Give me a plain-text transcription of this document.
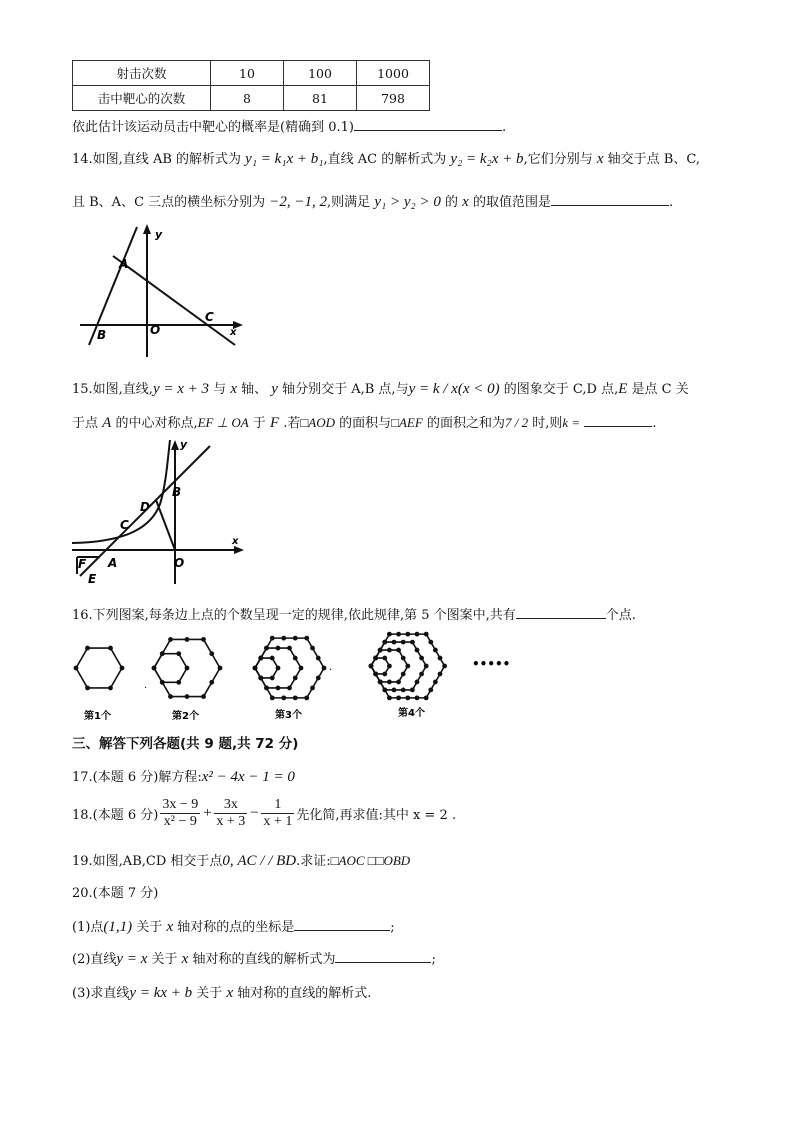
射击次数	10	100	1000
击中靶心的次数	8	81	798
依此估计该运动员击中靶心的概率是(精确到 0.1)	.
14.如图,直线 AB 的解析式为 y₁ = k₁x + b₁,直线 AC 的解析式为 y₂ = k₂x + b,它们分别与 x 轴交于点 B、C,
且 B、A、C 三点的横坐标分别为 −2, −1, 2,则满足 y₁ > y₂ > 0 的 x 的取值范围是	.
y
A
B	O
C
x
15.如图,直线,y = x + 3 与 x 轴、 y 轴分别交于 A,B 点,与y = k / x(x < 0) 的图象交于 C,D 点,E 是点 C 关
于点 A 的中心对称点,EF ⊥ OA 于 F .若□AOD 的面积与□AEF 的面积之和为7 / 2 时,则k =	.
y
B
D
C
F A	O
E
x
16.下列图案,每条边上点的个数呈现一定的规律,依此规律,第 5 个图案中,共有	个点.
第1个	第2个	第3个	第4个
•••••
.
.
三、解答下列各题(共 9 题,共 72 分)
17.(本题 6 分)解方程:x² − 4x − 1 = 0
18.(本题 6 分) $\frac{3x - 9}{\text{x² − 9}} + \frac{3x}{x + 3} - \frac{1}{x + 1}$ 先化简,再求值:其中 x = 2 .
19.如图,AB,CD 相交于点0, AC / / BD.求证:□AOC □□OBD
20.(本题 7 分)
(1)点(1,1) 关于 x 轴对称的点的坐标是	;
(2)直线y = x 关于 x 轴对称的直线的解析式为	;
(3)求直线y = kx + b 关于 x 轴对称的直线的解析式.
